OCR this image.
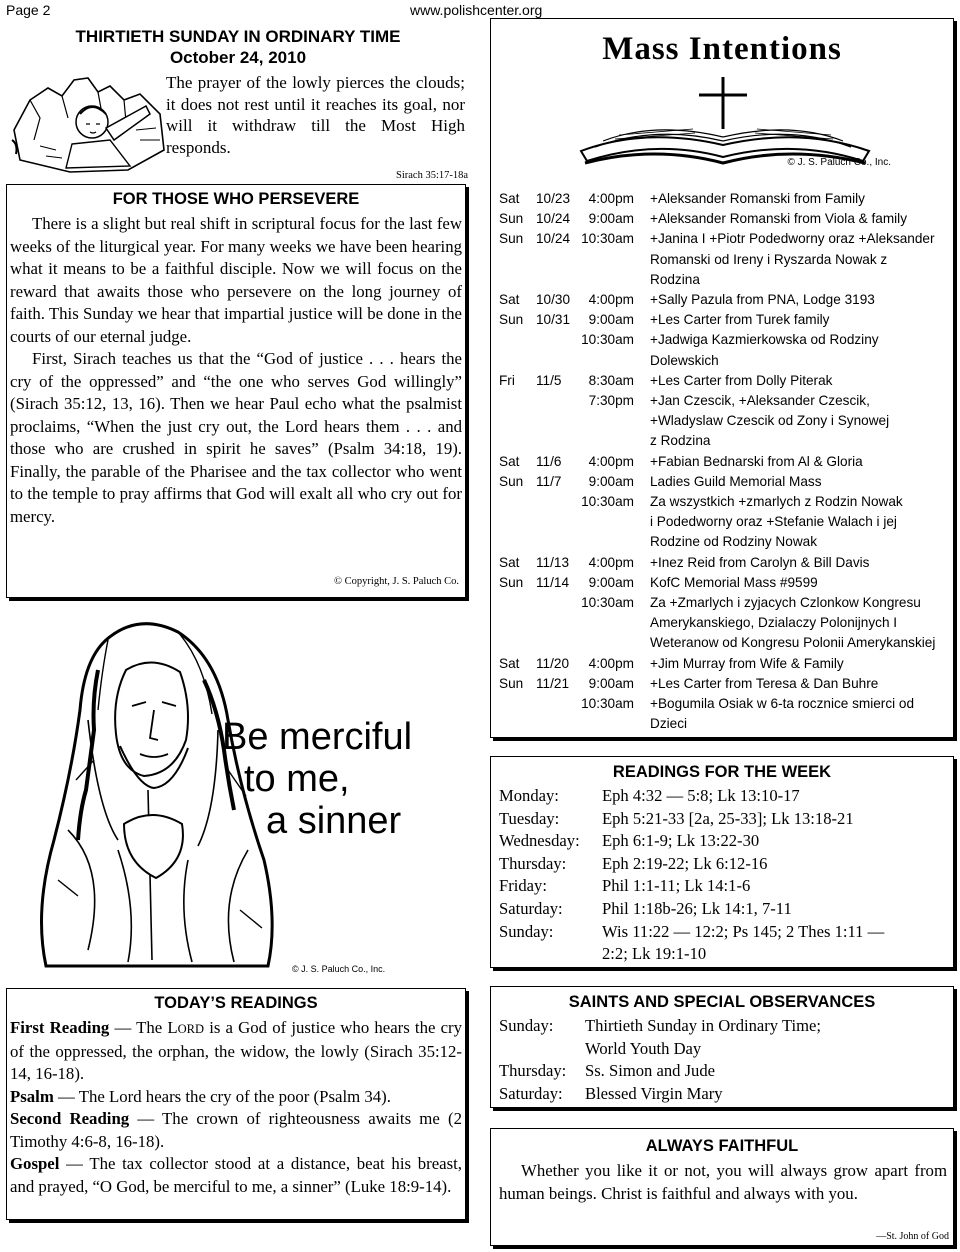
Page 2	www.polishcenter.org
THIRTIETH SUNDAY IN ORDINARY TIME
October 24, 2010
The prayer of the lowly pierces the clouds; it does not rest until it reaches its goal, nor will it withdraw till the Most High responds.
Sirach 35:17-18a
FOR THOSE WHO PERSEVERE

There is a slight but real shift in scriptural focus for the last few weeks of the liturgical year. For many weeks we have been hearing what it means to be a faithful disciple. Now we will focus on the reward that awaits those who persevere on the long journey of faith. This Sunday we hear that impartial justice will be done in the courts of our eternal judge.

First, Sirach teaches us that the “God of justice . . . hears the cry of the oppressed” and “the one who serves God willingly” (Sirach 35:12, 13, 16). Then we hear Paul echo what the psalmist proclaims, “When the just cry out, the Lord hears them . . . and those who are crushed in spirit he saves” (Psalm 34:18, 19). Finally, the parable of the Pharisee and the tax collector who went to the temple to pray affirms that God will exalt all who cry out for mercy.

© Copyright, J. S. Paluch Co.
Be merciful
to me,
a sinner
© J. S. Paluch Co., Inc.
TODAY’S READINGS

First Reading — The LORD is a God of justice who hears the cry of the oppressed, the orphan, the widow, the lowly (Sirach 35:12-14, 16-18).

Psalm — The Lord hears the cry of the poor (Psalm 34).

Second Reading — The crown of righteousness awaits me (2 Timothy 4:6-8, 16-18).

Gospel — The tax collector stood at a distance, beat his breast, and prayed, “O God, be merciful to me, a sinner” (Luke 18:9-14).

Mass Intentions
© J. S. Paluch Co., Inc.
Sat	10/23	4:00pm	+Aleksander Romanski from Family
Sun 10/24	9:00am	+Aleksander Romanski from Viola & family
Sun 10/24 10:30am	+Janina I +Piotr Podedworny oraz +Aleksander
Romanski od Ireny i Ryszarda Nowak z
Rodzina
Sat	10/30	4:00pm	+Sally Pazula from PNA, Lodge 3193
Sun 10/31	9:00am	+Les Carter from Turek family
10:30am	+Jadwiga Kazmierkowska od Rodziny
Dolewskich
Fri	11/5	8:30am	+Les Carter from Dolly Piterak
7:30pm	+Jan Czescik, +Aleksander Czescik,
+Wladyslaw Czescik od Zony i Synowej
z Rodzina
Sat	11/6	4:00pm	+Fabian Bednarski from Al & Gloria
Sun 11/7	9:00am	Ladies Guild Memorial Mass
10:30am	Za wszystkich +zmarlych z Rodzin Nowak
i Podedworny oraz +Stefanie Walach i jej
Rodzine od Rodziny Nowak
Sat	11/13	4:00pm	+Inez Reid from Carolyn & Bill Davis
Sun 11/14	9:00am	KofC Memorial Mass #9599
10:30am	Za +Zmarlych i zyjacych Czlonkow Kongresu
Amerykanskiego, Dzialaczy Polonijnych I
Weteranow od Kongresu Polonii Amerykanskiej
Sat	11/20	4:00pm	+Jim Murray from Wife & Family
Sun 11/21	9:00am	+Les Carter from Teresa & Dan Buhre
10:30am	+Bogumila Osiak w 6-ta rocznice smierci od
Dzieci
READINGS FOR THE WEEK
Monday:	Eph 4:32 — 5:8; Lk 13:10-17
Tuesday:	Eph 5:21-33 [2a, 25-33]; Lk 13:18-21
Wednesday:	Eph 6:1-9; Lk 13:22-30
Thursday:	Eph 2:19-22; Lk 6:12-16
Friday:	Phil 1:1-11; Lk 14:1-6
Saturday:	Phil 1:18b-26; Lk 14:1, 7-11
Sunday:	Wis 11:22 — 12:2; Ps 145; 2 Thes 1:11 —
2:2; Lk 19:1-10
SAINTS AND SPECIAL OBSERVANCES
Sunday:	Thirtieth Sunday in Ordinary Time;
World Youth Day
Thursday:	Ss. Simon and Jude
Saturday:	Blessed Virgin Mary
ALWAYS FAITHFUL
Whether you like it or not, you will always grow apart from human beings. Christ is faithful and always with you.
—St. John of God
